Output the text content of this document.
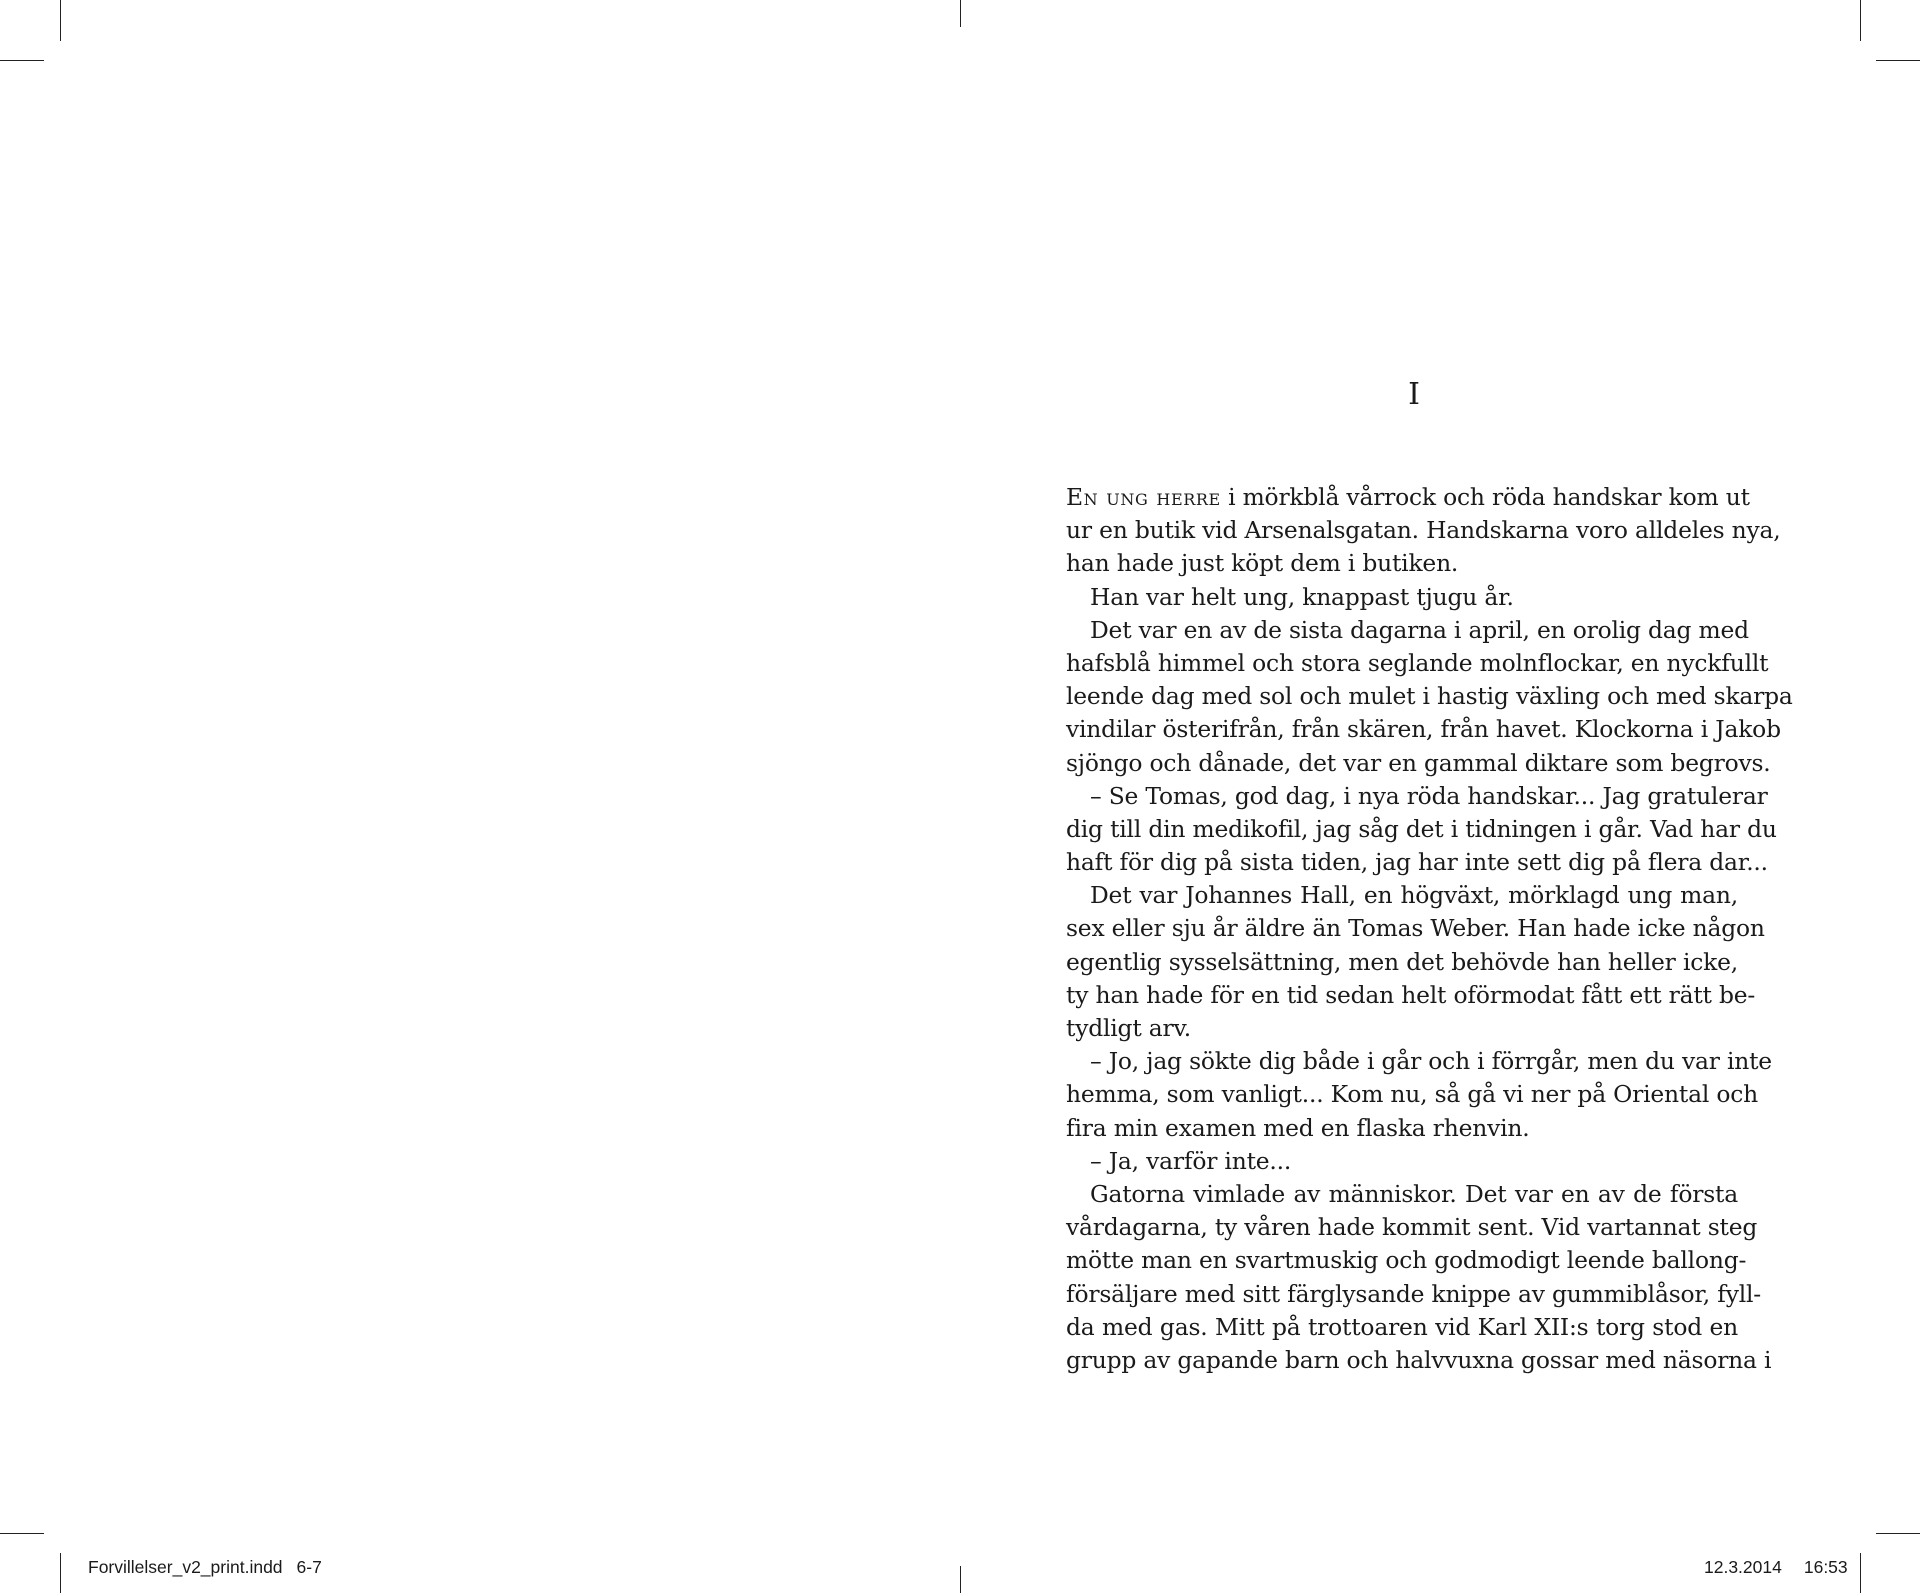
I
En ung herre i mörkblå vårrock och röda handskar kom ut
ur en butik vid Arsenalsgatan. Handskarna voro alldeles nya,
han hade just köpt dem i butiken.
Han var helt ung, knappast tjugu år.
Det var en av de sista dagarna i april, en orolig dag med
hafsblå himmel och stora seglande molnflockar, en nyckfullt
leende dag med sol och mulet i hastig växling och med skarpa
vindilar österifrån, från skären, från havet. Klockorna i Jakob
sjöngo och dånade, det var en gammal diktare som begrovs.
– Se Tomas, god dag, i nya röda handskar... Jag gratulerar
dig till din medikofil, jag såg det i tidningen i går. Vad har du
haft för dig på sista tiden, jag har inte sett dig på flera dar...
Det var Johannes Hall, en högväxt, mörklagd ung man,
sex eller sju år äldre än Tomas Weber. Han hade icke någon
egentlig sysselsättning, men det behövde han heller icke,
ty han hade för en tid sedan helt oförmodat fått ett rätt be-
tydligt arv.
– Jo, jag sökte dig både i går och i förrgår, men du var inte
hemma, som vanligt... Kom nu, så gå vi ner på Oriental och
fira min examen med en flaska rhenvin.
– Ja, varför inte...
Gatorna vimlade av människor. Det var en av de första
vårdagarna, ty våren hade kommit sent. Vid vartannat steg
mötte man en svartmuskig och godmodigt leende ballong-
försäljare med sitt färglysande knippe av gummiblåsor, fyll-
da med gas. Mitt på trottoaren vid Karl XII:s torg stod en
grupp av gapande barn och halvvuxna gossar med näsorna i
Forvillelser_v2_print.indd 6-7	12.3.2014 16:53
